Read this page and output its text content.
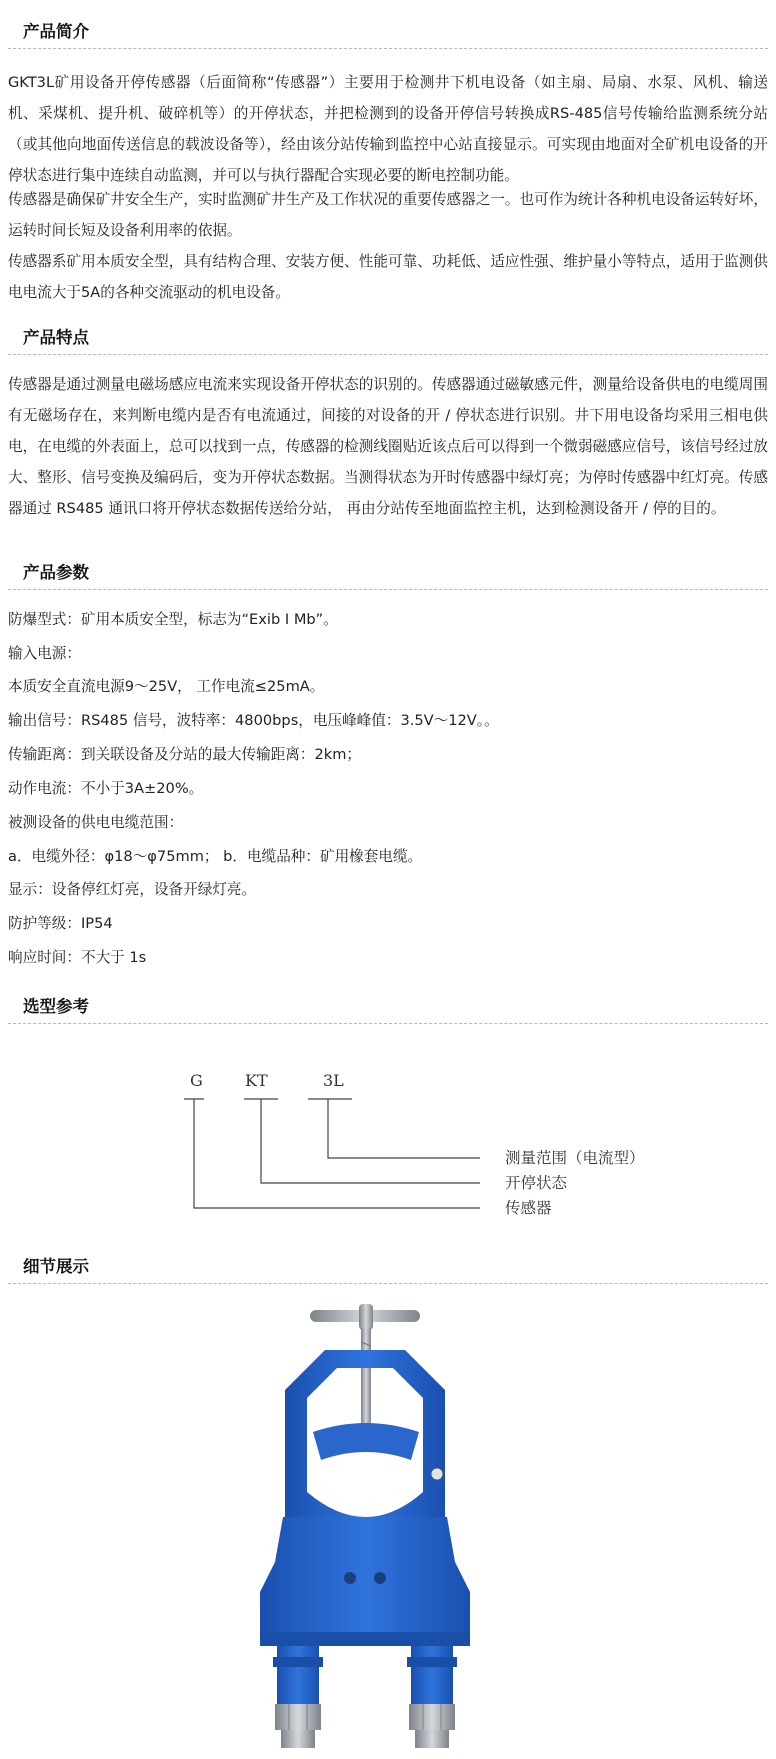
产品简介
GKT3L矿用设备开停传感器（后面简称“传感器”）主要用于检测井下机电设备（如主扇、局扇、水泵、风机、输送机、采煤机、提升机、破碎机等）的开停状态，并把检测到的设备开停信号转换成RS-485信号传输给监测系统分站（或其他向地面传送信息的载波设备等），经由该分站传输到监控中心站直接显示。可实现由地面对全矿机电设备的开停状态进行集中连续自动监测，并可以与执行器配合实现必要的断电控制功能。
传感器是确保矿井安全生产，实时监测矿井生产及工作状况的重要传感器之一。也可作为统计各种机电设备运转好坏，运转时间长短及设备利用率的依据。
传感器系矿用本质安全型，具有结构合理、安装方便、性能可靠、功耗低、适应性强、维护量小等特点，适用于监测供电电流大于5A的各种交流驱动的机电设备。
产品特点
传感器是通过测量电磁场感应电流来实现设备开停状态的识别的。传感器通过磁敏感元件，测量给设备供电的电缆周围有无磁场存在，来判断电缆内是否有电流通过，间接的对设备的开 / 停状态进行识别。井下用电设备均采用三相电供电，在电缆的外表面上，总可以找到一点，传感器的检测线圈贴近该点后可以得到一个微弱磁感应信号，该信号经过放大、整形、信号变换及编码后，变为开停状态数据。当测得状态为开时传感器中绿灯亮；为停时传感器中红灯亮。传感器通过 RS485 通讯口将开停状态数据传送给分站， 再由分站传至地面监控主机，达到检测设备开 / 停的目的。
产品参数
防爆型式：矿用本质安全型，标志为“Exib I Mb”。
输入电源：
本质安全直流电源9～25V， 工作电流≤25mA。
输出信号：RS485 信号，波特率：4800bps，电压峰峰值：3.5V～12V。。
传输距离：到关联设备及分站的最大传输距离：2km；
动作电流：不小于3A±20%。
被测设备的供电电缆范围：
a．电缆外径：φ18～φ75mm； b．电缆品种：矿用橡套电缆。
显示：设备停红灯亮，设备开绿灯亮。
防护等级：IP54
响应时间：不大于 1s
选型参考
G	KT	3L
测量范围（电流型）
开停状态
传感器
细节展示
